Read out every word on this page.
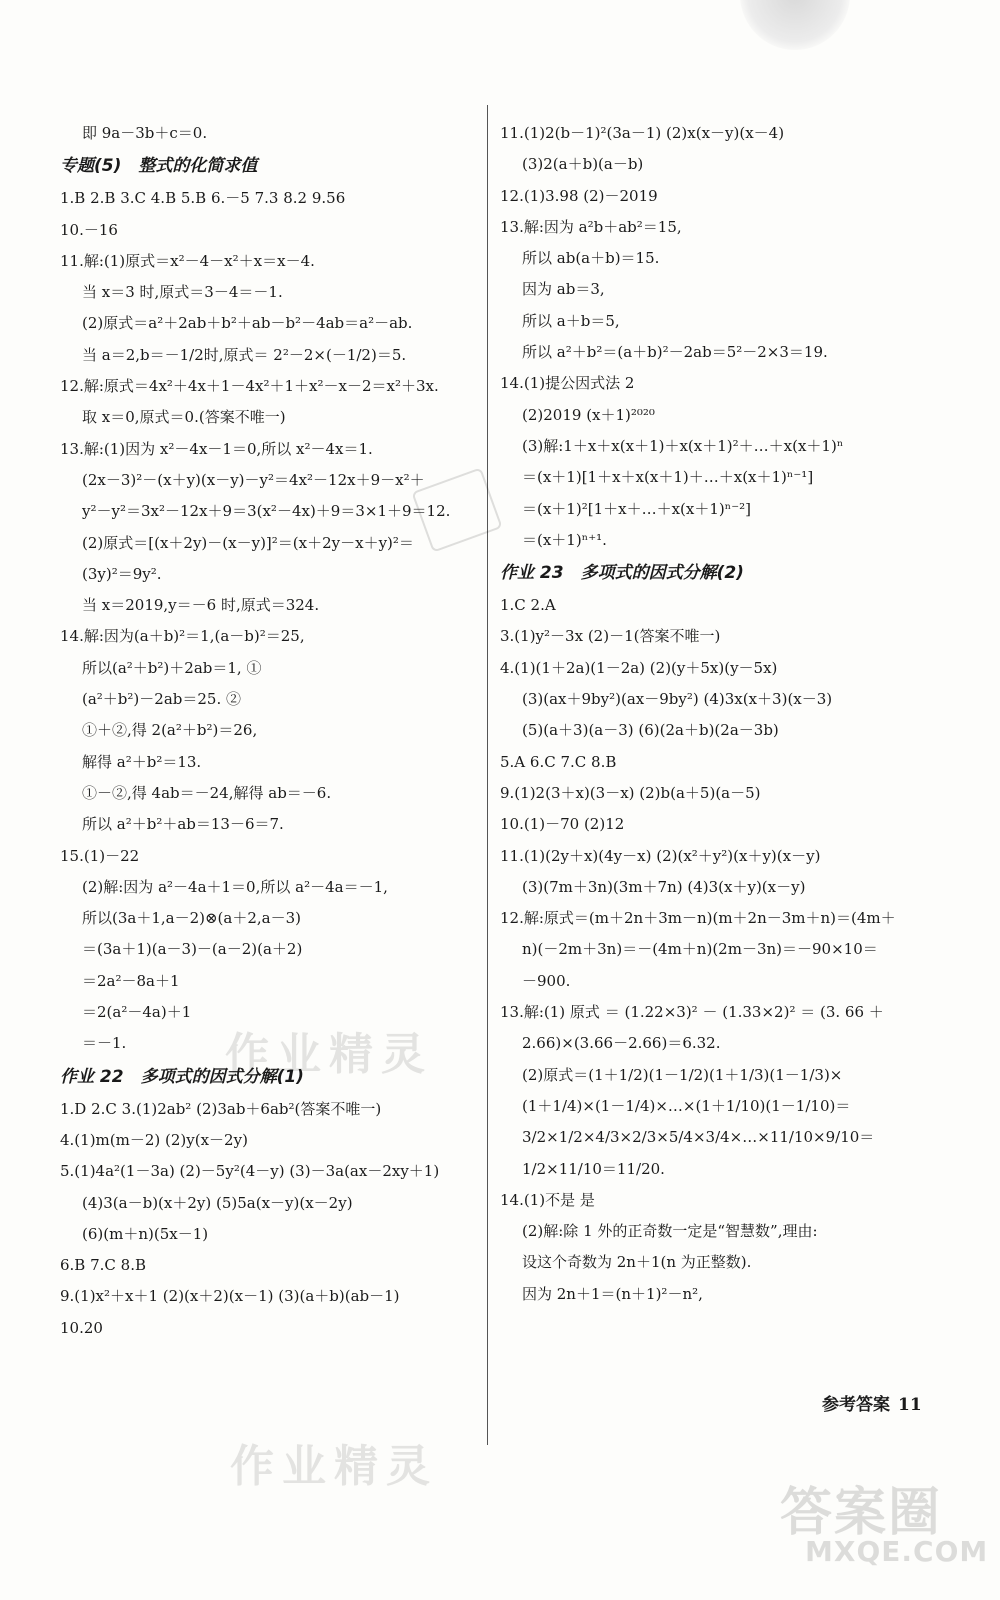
即 9a－3b＋c＝0.
专题(5)　整式的化简求值
1.B 2.B 3.C 4.B 5.B 6.－5 7.3 8.2 9.56
10.－16
11.解:(1)原式＝x²－4－x²＋x＝x－4.
当 x＝3 时,原式＝3－4＝－1.
(2)原式＝a²＋2ab＋b²＋ab－b²－4ab＝a²－ab.
当 a＝2,b＝－1/2时,原式＝ 2²－2×(－1/2)＝5.
12.解:原式＝4x²＋4x＋1－4x²＋1＋x²－x－2＝x²＋3x.
取 x＝0,原式＝0.(答案不唯一)
13.解:(1)因为 x²－4x－1＝0,所以 x²－4x＝1.
(2x－3)²－(x＋y)(x－y)－y²＝4x²－12x＋9－x²＋
y²－y²＝3x²－12x＋9＝3(x²－4x)＋9＝3×1＋9＝12.
(2)原式＝[(x＋2y)－(x－y)]²＝(x＋2y－x＋y)²＝
(3y)²＝9y².
当 x＝2019,y＝－6 时,原式＝324.
14.解:因为(a＋b)²＝1,(a－b)²＝25,
所以(a²＋b²)＋2ab＝1, ①
(a²＋b²)－2ab＝25. ②
①＋②,得 2(a²＋b²)＝26,
解得 a²＋b²＝13.
①－②,得 4ab＝－24,解得 ab＝－6.
所以 a²＋b²＋ab＝13－6＝7.
15.(1)－22
(2)解:因为 a²－4a＋1＝0,所以 a²－4a＝－1,
所以(3a＋1,a－2)⊗(a＋2,a－3)
＝(3a＋1)(a－3)－(a－2)(a＋2)
＝2a²－8a＋1
＝2(a²－4a)＋1
＝－1.
作业 22　多项式的因式分解(1)
1.D 2.C 3.(1)2ab² (2)3ab＋6ab²(答案不唯一)
4.(1)m(m－2) (2)y(x－2y)
5.(1)4a²(1－3a) (2)－5y²(4－y) (3)－3a(ax－2xy＋1)
(4)3(a－b)(x＋2y) (5)5a(x－y)(x－2y)
(6)(m＋n)(5x－1)
6.B 7.C 8.B
9.(1)x²＋x＋1 (2)(x＋2)(x－1) (3)(a＋b)(ab－1)
10.20
11.(1)2(b－1)²(3a－1) (2)x(x－y)(x－4)
(3)2(a＋b)(a－b)
12.(1)3.98 (2)－2019
13.解:因为 a²b＋ab²＝15,
所以 ab(a＋b)＝15.
因为 ab＝3,
所以 a＋b＝5,
所以 a²＋b²＝(a＋b)²－2ab＝5²－2×3＝19.
14.(1)提公因式法 2
(2)2019 (x＋1)²⁰²⁰
(3)解:1＋x＋x(x＋1)＋x(x＋1)²＋…＋x(x＋1)ⁿ
＝(x＋1)[1＋x＋x(x＋1)＋…＋x(x＋1)ⁿ⁻¹]
＝(x＋1)²[1＋x＋…＋x(x＋1)ⁿ⁻²]
＝(x＋1)ⁿ⁺¹.
作业 23　多项式的因式分解(2)
1.C 2.A
3.(1)y²－3x (2)－1(答案不唯一)
4.(1)(1＋2a)(1－2a) (2)(y＋5x)(y－5x)
(3)(ax＋9by²)(ax－9by²) (4)3x(x＋3)(x－3)
(5)(a＋3)(a－3) (6)(2a＋b)(2a－3b)
5.A 6.C 7.C 8.B
9.(1)2(3＋x)(3－x) (2)b(a＋5)(a－5)
10.(1)－70 (2)12
11.(1)(2y＋x)(4y－x) (2)(x²＋y²)(x＋y)(x－y)
(3)(7m＋3n)(3m＋7n) (4)3(x＋y)(x－y)
12.解:原式＝(m＋2n＋3m－n)(m＋2n－3m＋n)＝(4m＋
n)(－2m＋3n)＝－(4m＋n)(2m－3n)＝－90×10＝
－900.
13.解:(1) 原式 ＝ (1.22×3)² － (1.33×2)² ＝ (3. 66 ＋
2.66)×(3.66－2.66)＝6.32.
(2)原式＝(1＋1/2)(1－1/2)(1＋1/3)(1－1/3)×
(1＋1/4)×(1－1/4)×…×(1＋1/10)(1－1/10)＝
3/2×1/2×4/3×2/3×5/4×3/4×…×11/10×9/10＝
1/2×11/10＝11/20.
14.(1)不是 是
(2)解:除 1 外的正奇数一定是“智慧数”,理由:
设这个奇数为 2n＋1(n 为正整数).
因为 2n＋1＝(n＋1)²－n²,
参考答案 11
作业精灵
作业精灵
答案圈
MXQE.COM
